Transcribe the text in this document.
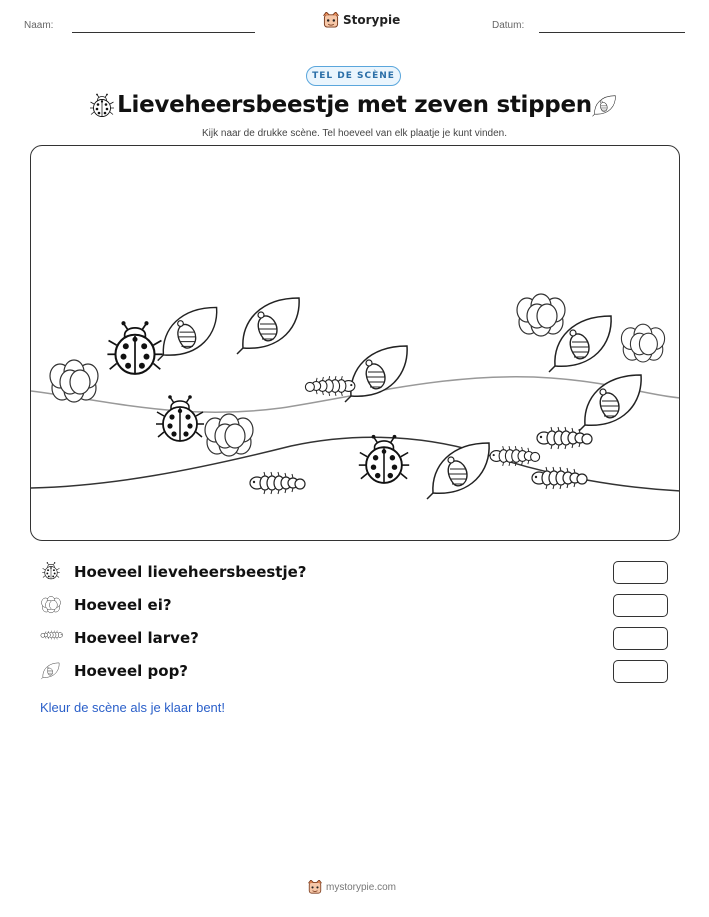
Naam:	Storypie	Datum:
TEL DE SCÈNE
Lieveheersbeestje met zeven stippen
Kijk naar de drukke scène. Tel hoeveel van elk plaatje je kunt vinden.
Hoeveel lieveheersbeestje?
Hoeveel ei?
Hoeveel larve?
Hoeveel pop?
Kleur de scène als je klaar bent!
mystorypie.com
